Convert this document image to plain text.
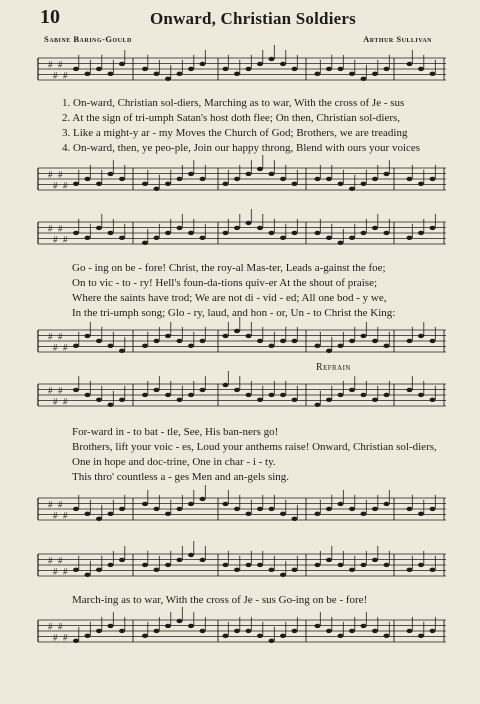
10	Onward, Christian Soldiers
Sabine Baring-Gould	Arthur Sullivan
#
#
#
#
1. On-ward, Christian sol-diers, Marching as to war, With the cross of Je - sus
2. At the sign of tri-umph Satan's host doth flee; On then, Christian sol-diers,
3. Like a might-y ar - my Moves the Church of God; Brothers, we are treading
4. On-ward, then, ye peo-ple, Join our happy throng, Blend with ours your voices
#
#
#
#
#
#
#
#
Go - ing on be - fore! Christ, the roy-al Mas-ter, Leads a-gainst the foe;
On to vic - to - ry! Hell's foun-da-tions quiv-er At the shout of praise;
Where the saints have trod; We are not di - vid - ed; All one bod - y we,
In the tri-umph song; Glo - ry, laud, and hon - or, Un - to Christ the King:
#
#
#
#
Refrain
#
#
#
#
For-ward in - to bat - tle, See, His ban-ners go!
Brothers, lift your voic - es, Loud your anthems raise! Onward, Christian sol-diers,
One in hope and doc-trine, One in char - i - ty.
This thro' countless a - ges Men and an-gels sing.
#
#
#
#
#
#
#
#
March-ing as to war, With the cross of Je - sus Go-ing on be - fore!
#
#
#
#
